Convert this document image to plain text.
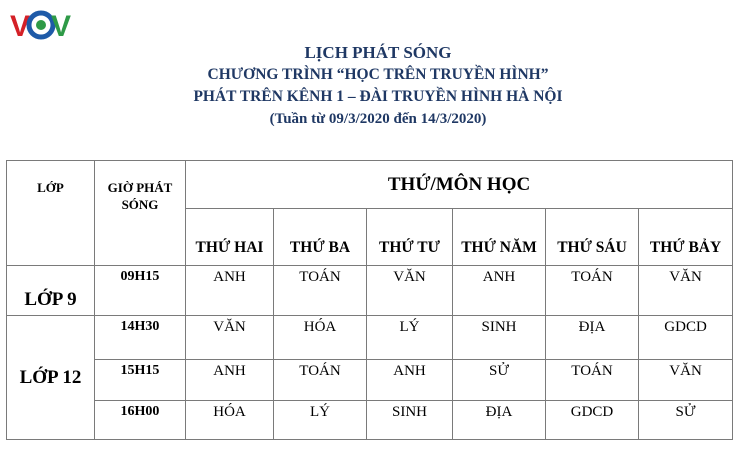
V V
LỊCH PHÁT SÓNG
CHƯƠNG TRÌNH “HỌC TRÊN TRUYỀN HÌNH”
PHÁT TRÊN KÊNH 1 – ĐÀI TRUYỀN HÌNH HÀ NỘI
(Tuần từ 09/3/2020 đến 14/3/2020)
LỚP	GIỜ PHÁT SÓNG	THỨ/MÔN HỌC					
		THỨ HAI	THỨ BA	THỨ TƯ	THỨ NĂM	THỨ SÁU	THỨ BẢY
LỚP 9	09H15	ANH	TOÁN	VĂN	ANH	TOÁN	VĂN
LỚP 12	14H30	VĂN	HÓA	LÝ	SINH	ĐỊA	GDCD
	15H15	ANH	TOÁN	ANH	SỬ	TOÁN	VĂN
	16H00	HÓA	LÝ	SINH	ĐỊA	GDCD	SỬ
